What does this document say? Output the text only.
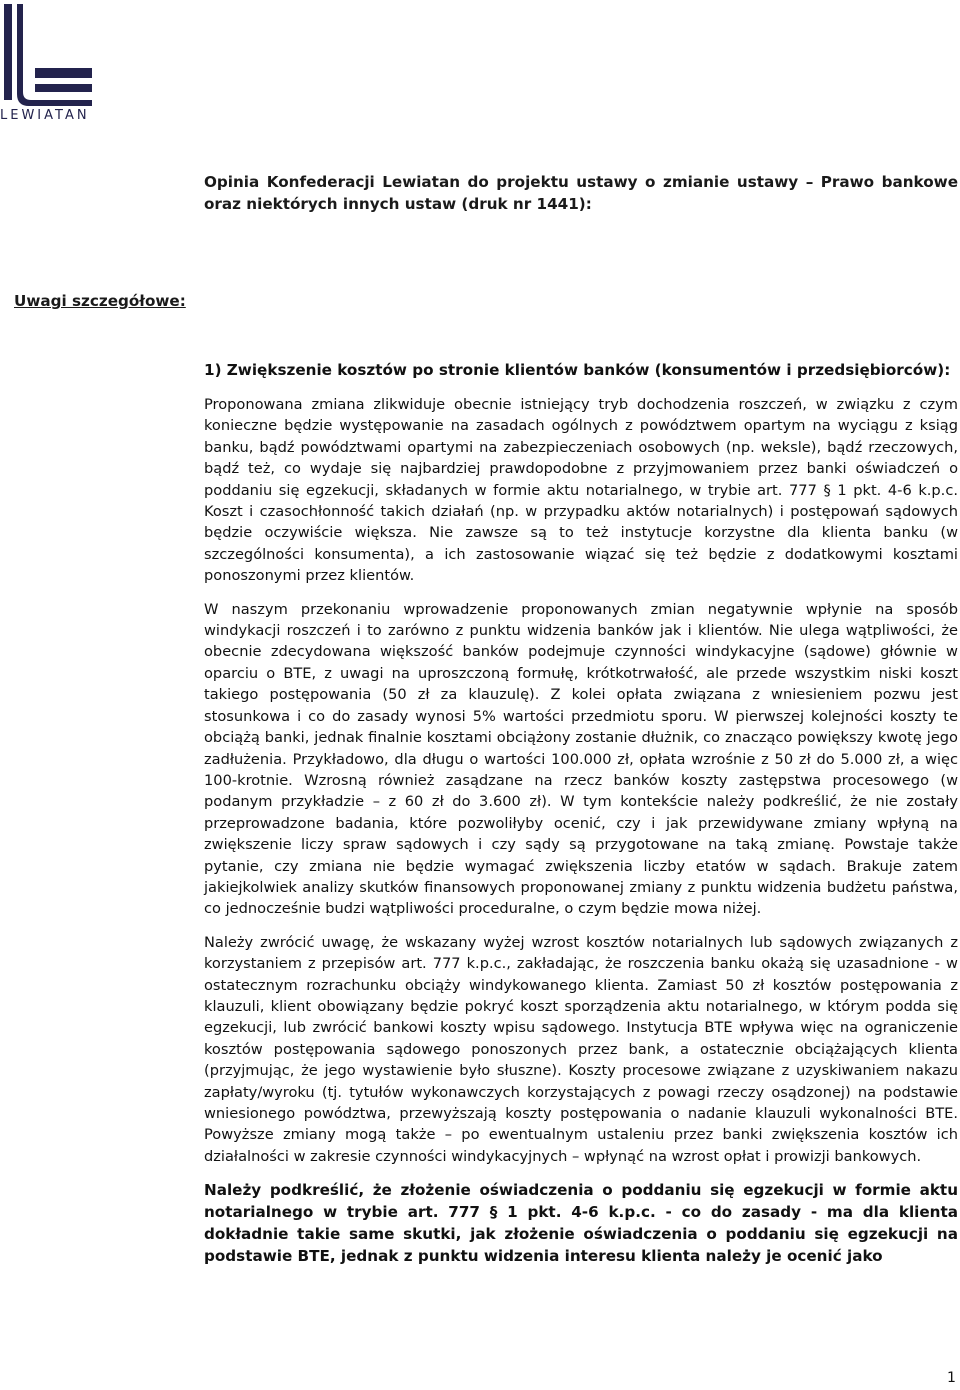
LEWIATAN
Opinia Konfederacji Lewiatan do projektu ustawy o zmianie ustawy – Prawo bankowe oraz niektórych innych ustaw (druk nr 1441):
Uwagi szczegółowe:
1) Zwiększenie kosztów po stronie klientów banków (konsumentów i przedsiębiorców):

Proponowana zmiana zlikwiduje obecnie istniejący tryb dochodzenia roszczeń, w związku z czym konieczne będzie występowanie na zasadach ogólnych z powództwem opartym na wyciągu z ksiąg banku, bądź powództwami opartymi na zabezpieczeniach osobowych (np. weksle), bądź rzeczowych, bądź też, co wydaje się najbardziej prawdopodobne z przyjmowaniem przez banki oświadczeń o poddaniu się egzekucji, składanych w formie aktu notarialnego, w trybie art. 777 § 1 pkt. 4-6 k.p.c. Koszt i czasochłonność takich działań (np. w przypadku aktów notarialnych) i postępowań sądowych będzie oczywiście większa. Nie zawsze są to też instytucje korzystne dla klienta banku (w szczególności konsumenta), a ich zastosowanie wiązać się też będzie z dodatkowymi kosztami ponoszonymi przez klientów.

W naszym przekonaniu wprowadzenie proponowanych zmian negatywnie wpłynie na sposób windykacji roszczeń i to zarówno z punktu widzenia banków jak i klientów. Nie ulega wątpliwości, że obecnie zdecydowana większość banków podejmuje czynności windykacyjne (sądowe) głównie w oparciu o BTE, z uwagi na uproszczoną formułę, krótkotrwałość, ale przede wszystkim niski koszt takiego postępowania (50 zł za klauzulę). Z kolei opłata związana z wniesieniem pozwu jest stosunkowa i co do zasady wynosi 5% wartości przedmiotu sporu. W pierwszej kolejności koszty te obciążą banki, jednak finalnie kosztami obciążony zostanie dłużnik, co znacząco powiększy kwotę jego zadłużenia. Przykładowo, dla długu o wartości 100.000 zł, opłata wzrośnie z 50 zł do 5.000 zł, a więc 100-krotnie. Wzrosną również zasądzane na rzecz banków koszty zastępstwa procesowego (w podanym przykładzie – z 60 zł do 3.600 zł). W tym kontekście należy podkreślić, że nie zostały przeprowadzone badania, które pozwoliłyby ocenić, czy i jak przewidywane zmiany wpłyną na zwiększenie liczy spraw sądowych i czy sądy są przygotowane na taką zmianę. Powstaje także pytanie, czy zmiana nie będzie wymagać zwiększenia liczby etatów w sądach. Brakuje zatem jakiejkolwiek analizy skutków finansowych proponowanej zmiany z punktu widzenia budżetu państwa, co jednocześnie budzi wątpliwości proceduralne, o czym będzie mowa niżej.

Należy zwrócić uwagę, że wskazany wyżej wzrost kosztów notarialnych lub sądowych związanych z korzystaniem z przepisów art. 777 k.p.c., zakładając, że roszczenia banku okażą się uzasadnione - w ostatecznym rozrachunku obciąży windykowanego klienta. Zamiast 50 zł kosztów postępowania z klauzuli, klient obowiązany będzie pokryć koszt sporządzenia aktu notarialnego, w którym podda się egzekucji, lub zwrócić bankowi koszty wpisu sądowego. Instytucja BTE wpływa więc na ograniczenie kosztów postępowania sądowego ponoszonych przez bank, a ostatecznie obciążających klienta (przyjmując, że jego wystawienie było słuszne). Koszty procesowe związane z uzyskiwaniem nakazu zapłaty/wyroku (tj. tytułów wykonawczych korzystających z powagi rzeczy osądzonej) na podstawie wniesionego powództwa, przewyższają koszty postępowania o nadanie klauzuli wykonalności BTE. Powyższe zmiany mogą także – po ewentualnym ustaleniu przez banki zwiększenia kosztów ich działalności w zakresie czynności windykacyjnych – wpłynąć na wzrost opłat i prowizji bankowych.

Należy podkreślić, że złożenie oświadczenia o poddaniu się egzekucji w formie aktu notarialnego w trybie art. 777 § 1 pkt. 4-6 k.p.c. - co do zasady - ma dla klienta dokładnie takie same skutki, jak złożenie oświadczenia o poddaniu się egzekucji na podstawie BTE, jednak z punktu widzenia interesu klienta należy je ocenić jako

1
